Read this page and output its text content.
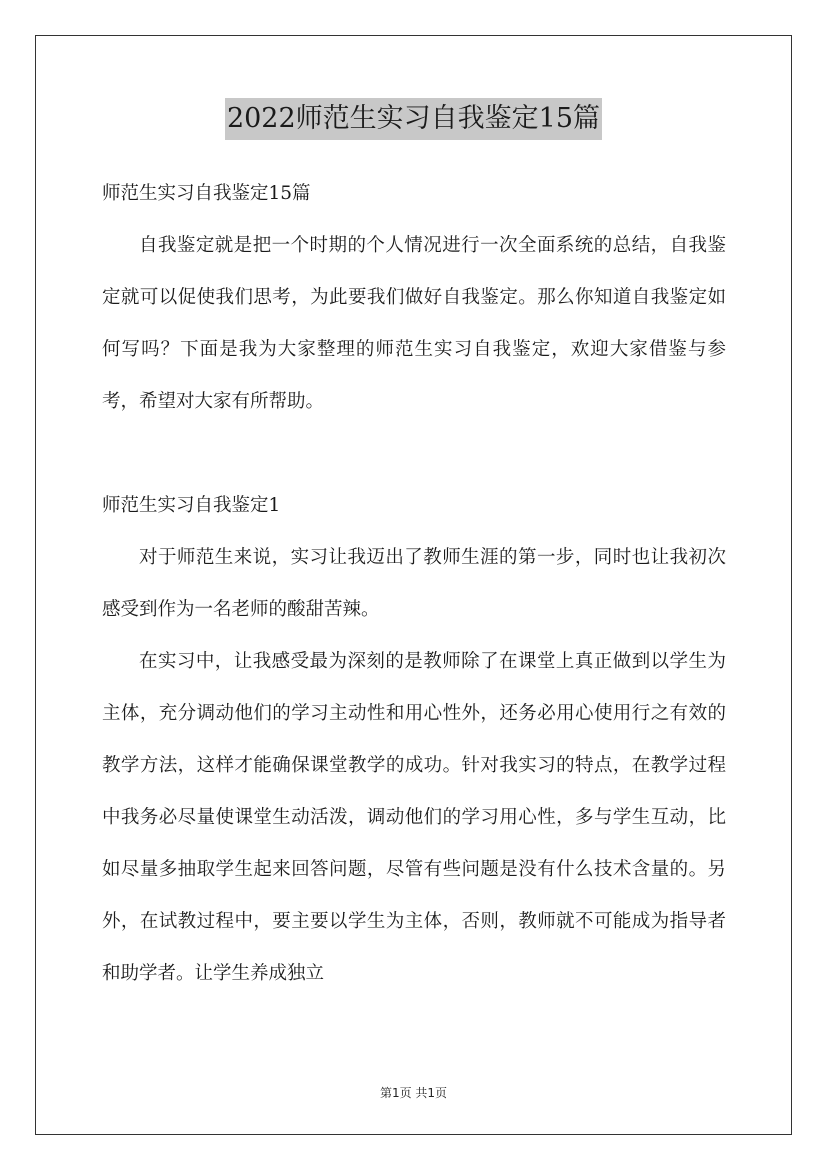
2022师范生实习自我鉴定15篇

师范生实习自我鉴定15篇

自我鉴定就是把一个时期的个人情况进行一次全面系统的总结，自我鉴定就可以促使我们思考，为此要我们做好自我鉴定。那么你知道自我鉴定如何写吗？下面是我为大家整理的师范生实习自我鉴定，欢迎大家借鉴与参考，希望对大家有所帮助。

师范生实习自我鉴定1

对于师范生来说，实习让我迈出了教师生涯的第一步，同时也让我初次感受到作为一名老师的酸甜苦辣。

在实习中，让我感受最为深刻的是教师除了在课堂上真正做到以学生为主体，充分调动他们的学习主动性和用心性外，还务必用心使用行之有效的教学方法，这样才能确保课堂教学的成功。针对我实习的特点，在教学过程中我务必尽量使课堂生动活泼，调动他们的学习用心性，多与学生互动，比如尽量多抽取学生起来回答问题，尽管有些问题是没有什么技术含量的。另外，在试教过程中，要主要以学生为主体，否则，教师就不可能成为指导者和助学者。让学生养成独立

第1页 共1页
